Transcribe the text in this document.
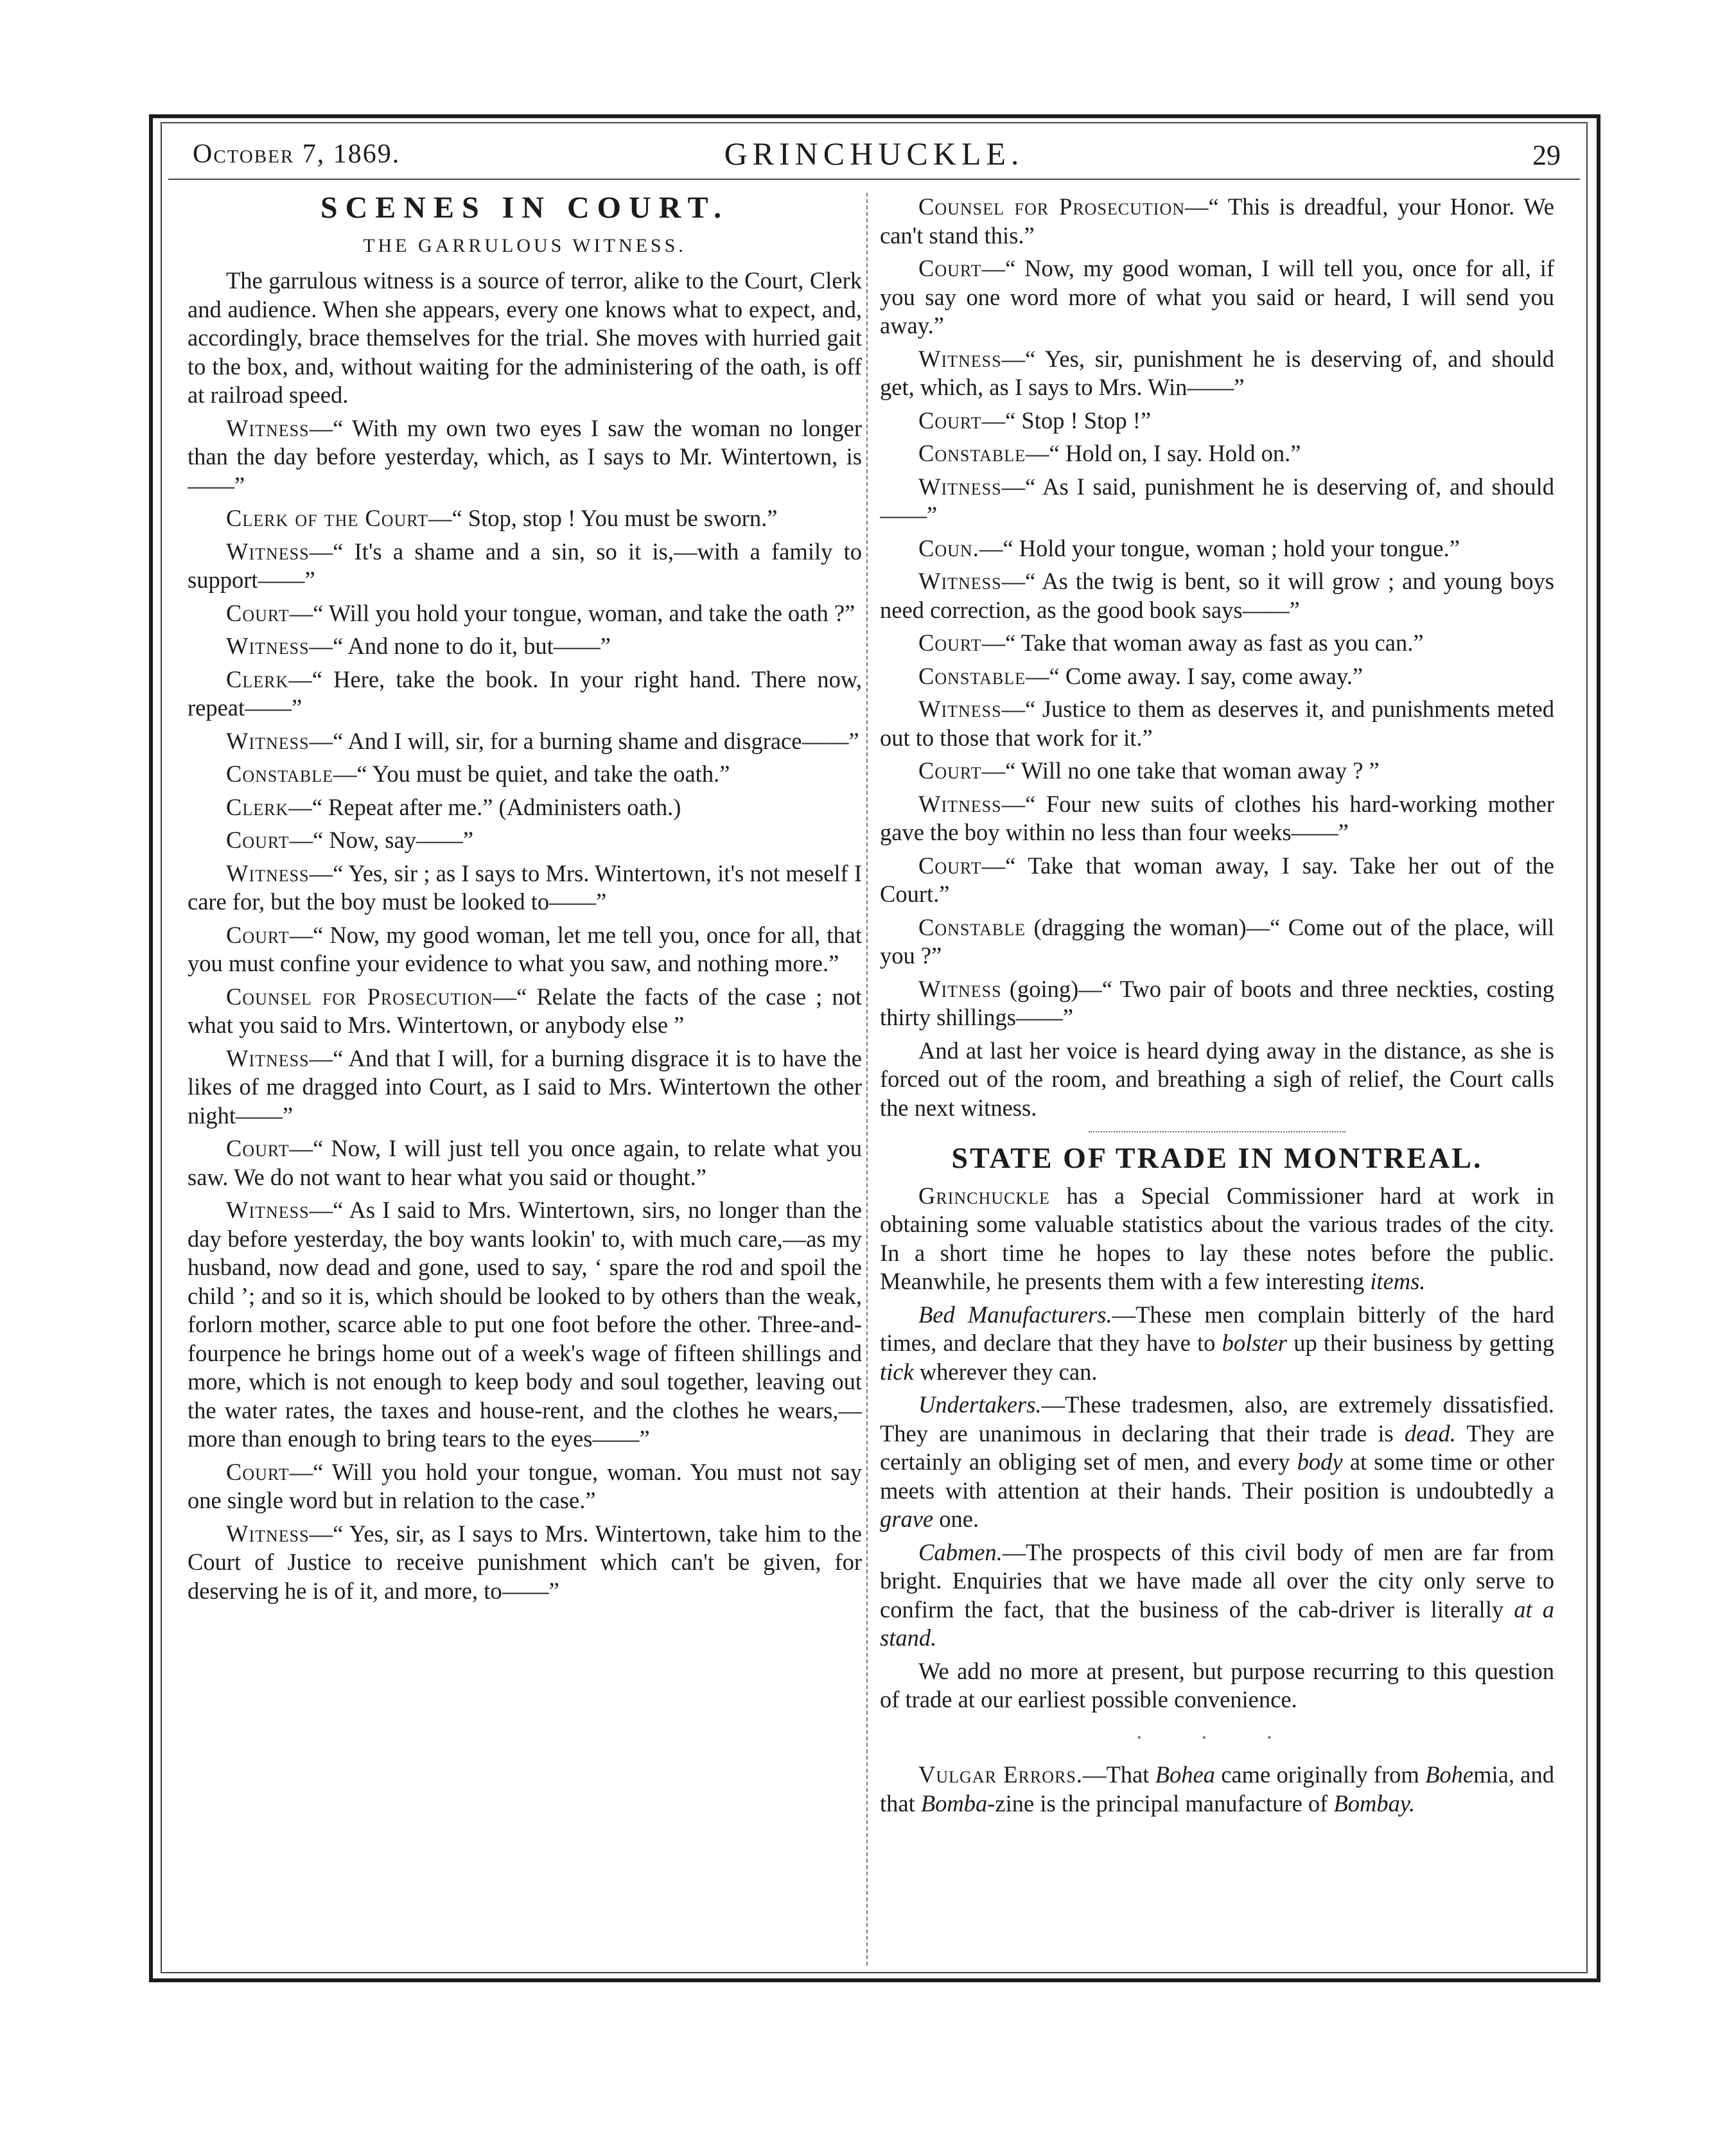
October 7, 1869.	GRINCHUCKLE.	29
SCENES IN COURT.
THE GARRULOUS WITNESS.

The garrulous witness is a source of terror, alike to the Court, Clerk and audience. When she appears, every one knows what to expect, and, accordingly, brace themselves for the trial. She moves with hurried gait to the box, and, without waiting for the administering of the oath, is off at railroad speed.

Witness—“ With my own two eyes I saw the woman no longer than the day before yesterday, which, as I says to Mr. Wintertown, is——”

Clerk of the Court—“ Stop, stop ! You must be sworn.”

Witness—“ It's a shame and a sin, so it is,—with a family to support——”

Court—“ Will you hold your tongue, woman, and take the oath ?”

Witness—“ And none to do it, but——”

Clerk—“ Here, take the book. In your right hand. There now, repeat——”

Witness—“ And I will, sir, for a burning shame and disgrace——”

Constable—“ You must be quiet, and take the oath.”

Clerk—“ Repeat after me.” (Administers oath.)

Court—“ Now, say——”

Witness—“ Yes, sir ; as I says to Mrs. Wintertown, it's not meself I care for, but the boy must be looked to——”

Court—“ Now, my good woman, let me tell you, once for all, that you must confine your evidence to what you saw, and nothing more.”

Counsel for Prosecution—“ Relate the facts of the case ; not what you said to Mrs. Wintertown, or anybody else ”

Witness—“ And that I will, for a burning disgrace it is to have the likes of me dragged into Court, as I said to Mrs. Wintertown the other night——”

Court—“ Now, I will just tell you once again, to relate what you saw. We do not want to hear what you said or thought.”

Witness—“ As I said to Mrs. Wintertown, sirs, no longer than the day before yesterday, the boy wants lookin' to, with much care,—as my husband, now dead and gone, used to say, ‘ spare the rod and spoil the child ’; and so it is, which should be looked to by others than the weak, forlorn mother, scarce able to put one foot before the other. Three-and-fourpence he brings home out of a week's wage of fifteen shillings and more, which is not enough to keep body and soul together, leaving out the water rates, the taxes and house-rent, and the clothes he wears,—more than enough to bring tears to the eyes——”

Court—“ Will you hold your tongue, woman. You must not say one single word but in relation to the case.”

Witness—“ Yes, sir, as I says to Mrs. Wintertown, take him to the Court of Justice to receive punishment which can't be given, for deserving he is of it, and more, to——”

Counsel for Prosecution—“ This is dreadful, your Honor. We can't stand this.”

Court—“ Now, my good woman, I will tell you, once for all, if you say one word more of what you said or heard, I will send you away.”

Witness—“ Yes, sir, punishment he is deserving of, and should get, which, as I says to Mrs. Win——”

Court—“ Stop ! Stop !”

Constable—“ Hold on, I say. Hold on.”

Witness—“ As I said, punishment he is deserving of, and should——”

Coun.—“ Hold your tongue, woman ; hold your tongue.”

Witness—“ As the twig is bent, so it will grow ; and young boys need correction, as the good book says——”

Court—“ Take that woman away as fast as you can.”

Constable—“ Come away. I say, come away.”

Witness—“ Justice to them as deserves it, and punishments meted out to those that work for it.”

Court—“ Will no one take that woman away ? ”

Witness—“ Four new suits of clothes his hard-working mother gave the boy within no less than four weeks——”

Court—“ Take that woman away, I say. Take her out of the Court.”

Constable (dragging the woman)—“ Come out of the place, will you ?”

Witness (going)—“ Two pair of boots and three neckties, costing thirty shillings——”

And at last her voice is heard dying away in the distance, as she is forced out of the room, and breathing a sigh of relief, the Court calls the next witness.

STATE OF TRADE IN MONTREAL.

Grinchuckle has a Special Commissioner hard at work in obtaining some valuable statistics about the various trades of the city. In a short time he hopes to lay these notes before the public. Meanwhile, he presents them with a few interesting items.

Bed Manufacturers.—These men complain bitterly of the hard times, and declare that they have to bolster up their business by getting tick wherever they can.

Undertakers.—These tradesmen, also, are extremely dissatisfied. They are unanimous in declaring that their trade is dead. They are certainly an obliging set of men, and every body at some time or other meets with attention at their hands. Their position is undoubtedly a grave one.

Cabmen.—The prospects of this civil body of men are far from bright. Enquiries that we have made all over the city only serve to confirm the fact, that the business of the cab-driver is literally at a stand.

We add no more at present, but purpose recurring to this question of trade at our earliest possible convenience.

· · ·

Vulgar Errors.—That Bohea came originally from Bohemia, and that Bomba-zine is the principal manufacture of Bombay.
